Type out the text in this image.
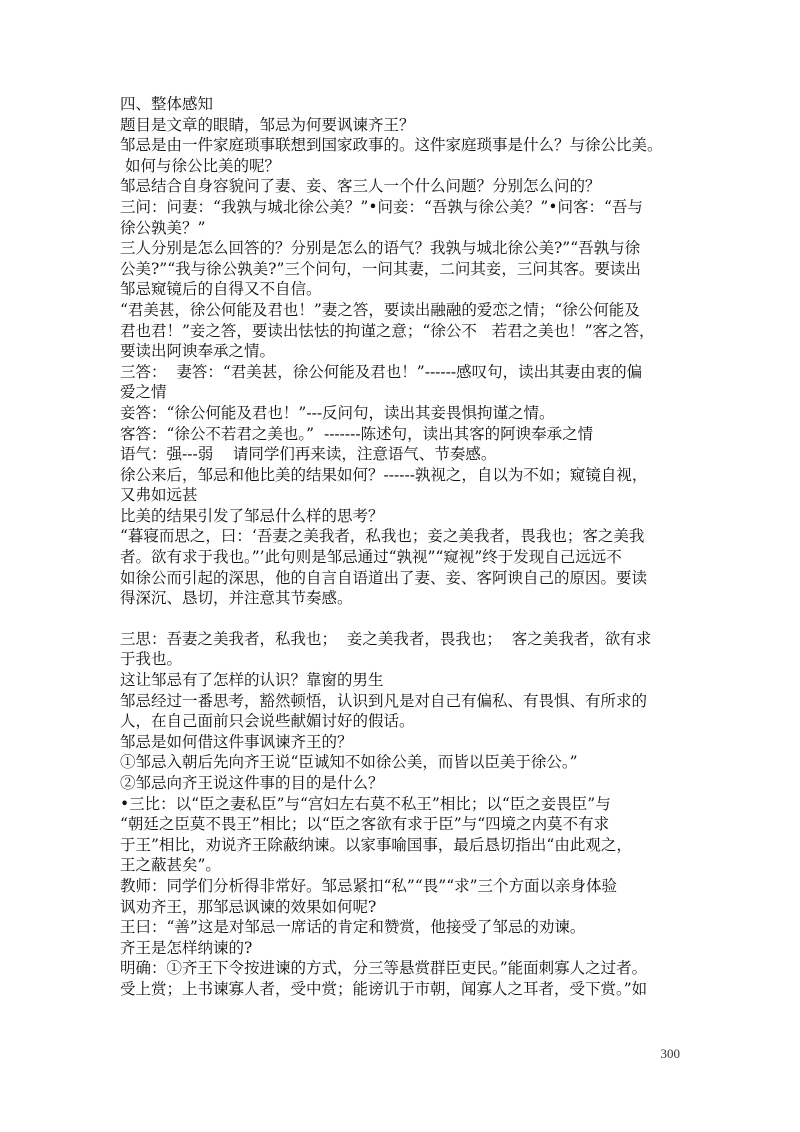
四、整体感知

题目是文章的眼睛，邹忌为何要讽谏齐王？

邹忌是由一件家庭琐事联想到国家政事的。这件家庭琐事是什么？与徐公比美。

如何与徐公比美的呢？

邹忌结合自身容貌问了妻、妾、客三人一个什么问题？分别怎么问的？

三问：问妻：“我孰与城北徐公美？”•问妾：“吾孰与徐公美？”•问客：“吾与

徐公孰美？”

三人分别是怎么回答的？分别是怎么的语气？我孰与城北徐公美?”“吾孰与徐

公美?”“我与徐公孰美?”三个问句，一问其妻，二问其妾，三问其客。要读出

邹忌窥镜后的自得又不自信。

“君美甚，徐公何能及君也！”妻之答，要读出融融的爱恋之情；“徐公何能及

君也君！”妾之答，要读出怯怯的拘谨之意；“徐公不   若君之美也！”客之答，

要读出阿谀奉承之情。

三答：  妻答：“君美甚，徐公何能及君也！”------感叹句，读出其妻由衷的偏

爱之情

妾答：“徐公何能及君也！”---反问句，读出其妾畏惧拘谨之情。

客答：“徐公不若君之美也。”  -------陈述句，读出其客的阿谀奉承之情

语气：强---弱    请同学们再来读，注意语气、节奏感。

徐公来后，邹忌和他比美的结果如何？------孰视之，自以为不如；窥镜自视，

又弗如远甚

比美的结果引发了邹忌什么样的思考？

“暮寝而思之，曰：‘吾妻之美我者，私我也；妾之美我者，畏我也；客之美我

者。欲有求于我也。”’此句则是邹忌通过“孰视”“窥视”终于发现自己远远不

如徐公而引起的深思，他的自言自语道出了妻、妾、客阿谀自己的原因。要读

得深沉、恳切，并注意其节奏感。

三思：吾妻之美我者，私我也；  妾之美我者，畏我也；  客之美我者，欲有求

于我也。

这让邹忌有了怎样的认识？靠窗的男生

邹忌经过一番思考，豁然顿悟，认识到凡是对自己有偏私、有畏惧、有所求的

人，在自己面前只会说些献媚讨好的假话。

邹忌是如何借这件事讽谏齐王的？

①邹忌入朝后先向齐王说“臣诚知不如徐公美，而皆以臣美于徐公。”

②邹忌向齐王说这件事的目的是什么？

•三比：以“臣之妻私臣”与“宫妇左右莫不私王”相比；以“臣之妾畏臣”与

“朝廷之臣莫不畏王”相比；以“臣之客欲有求于臣”与“四境之内莫不有求

于王”相比，劝说齐王除蔽纳谏。以家事喻国事，最后恳切指出“由此观之，

王之蔽甚矣”。

教师：同学们分析得非常好。邹忌紧扣“私”“畏”“求”三个方面以亲身体验

讽劝齐王，那邹忌讽谏的效果如何呢?

王曰：“善”这是对邹忌一席话的肯定和赞赏，他接受了邹忌的劝谏。

齐王是怎样纳谏的?

明确：①齐王下令按进谏的方式，分三等悬赏群臣吏民。”能面刺寡人之过者。

受上赏；上书谏寡人者，受中赏；能谤讥于市朝，闻寡人之耳者，受下赏。”如

300
